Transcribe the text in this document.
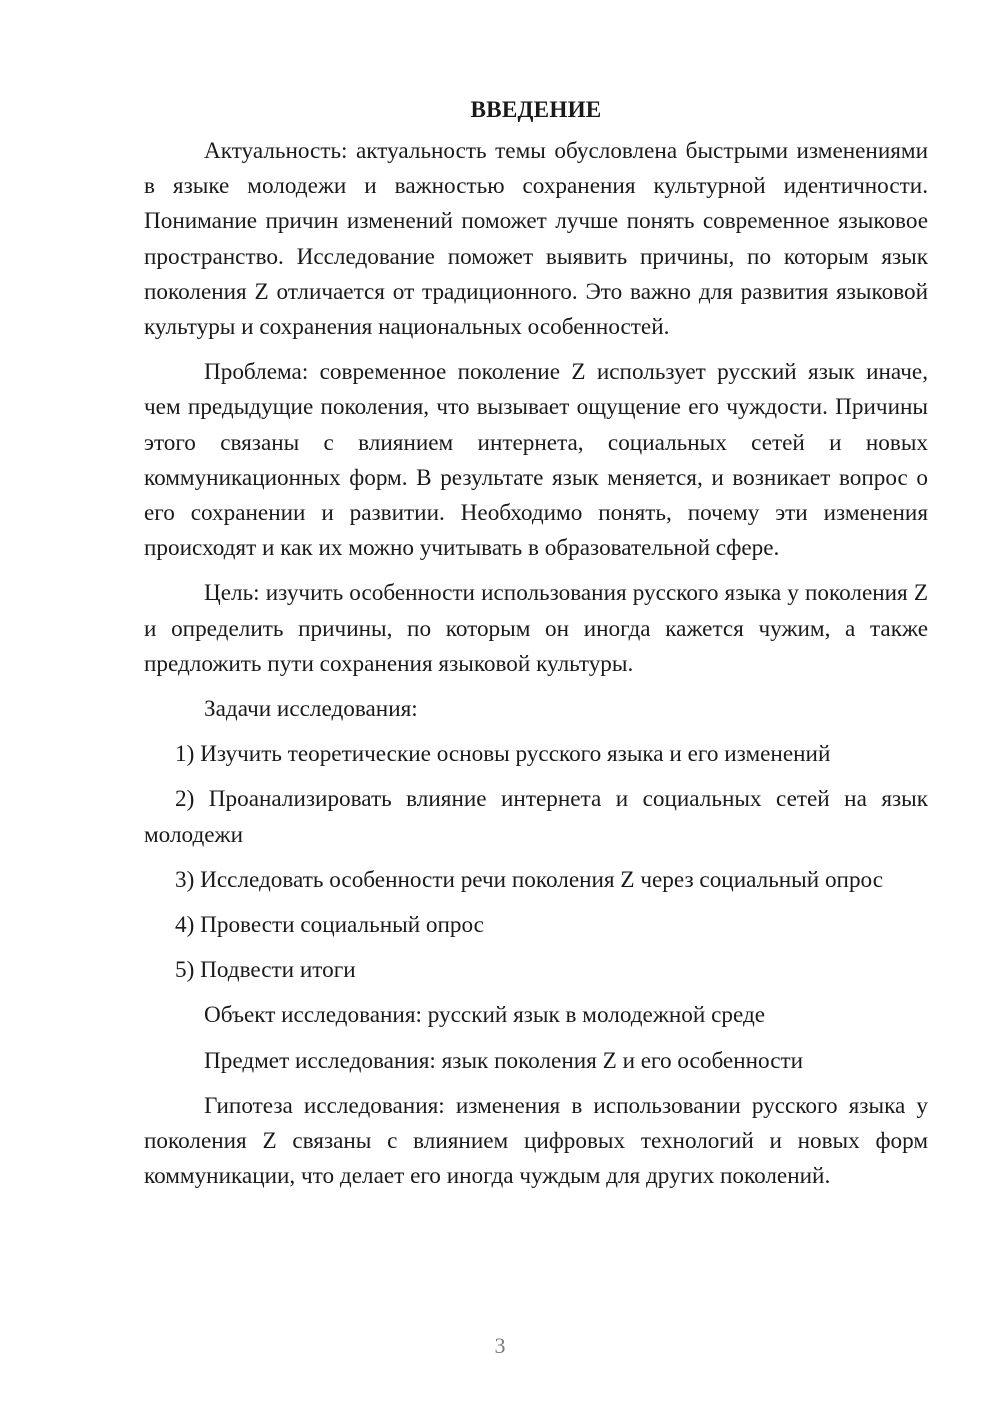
ВВЕДЕНИЕ

Актуальность: актуальность темы обусловлена быстрыми изменениями в языке молодежи и важностью сохранения культурной идентичности. Понимание причин изменений поможет лучше понять современное языковое пространство. Исследование поможет выявить причины, по которым язык поколения Z отличается от традиционного. Это важно для развития языковой культуры и сохранения национальных особенностей.

Проблема: современное поколение Z использует русский язык иначе, чем предыдущие поколения, что вызывает ощущение его чуждости. Причины этого связаны с влиянием интернета, социальных сетей и новых коммуникационных форм. В результате язык меняется, и возникает вопрос о его сохранении и развитии. Необходимо понять, почему эти изменения происходят и как их можно учитывать в образовательной сфере.

Цель: изучить особенности использования русского языка у поколения Z и определить причины, по которым он иногда кажется чужим, а также предложить пути сохранения языковой культуры.

Задачи исследования:

1) Изучить теоретические основы русского языка и его изменений

2) Проанализировать влияние интернета и социальных сетей на язык молодежи

3) Исследовать особенности речи поколения Z через социальный опрос

4) Провести социальный опрос

5) Подвести итоги

Объект исследования: русский язык в молодежной среде

Предмет исследования: язык поколения Z и его особенности

Гипотеза исследования: изменения в использовании русского языка у поколения Z связаны с влиянием цифровых технологий и новых форм коммуникации, что делает его иногда чуждым для других поколений.

3
